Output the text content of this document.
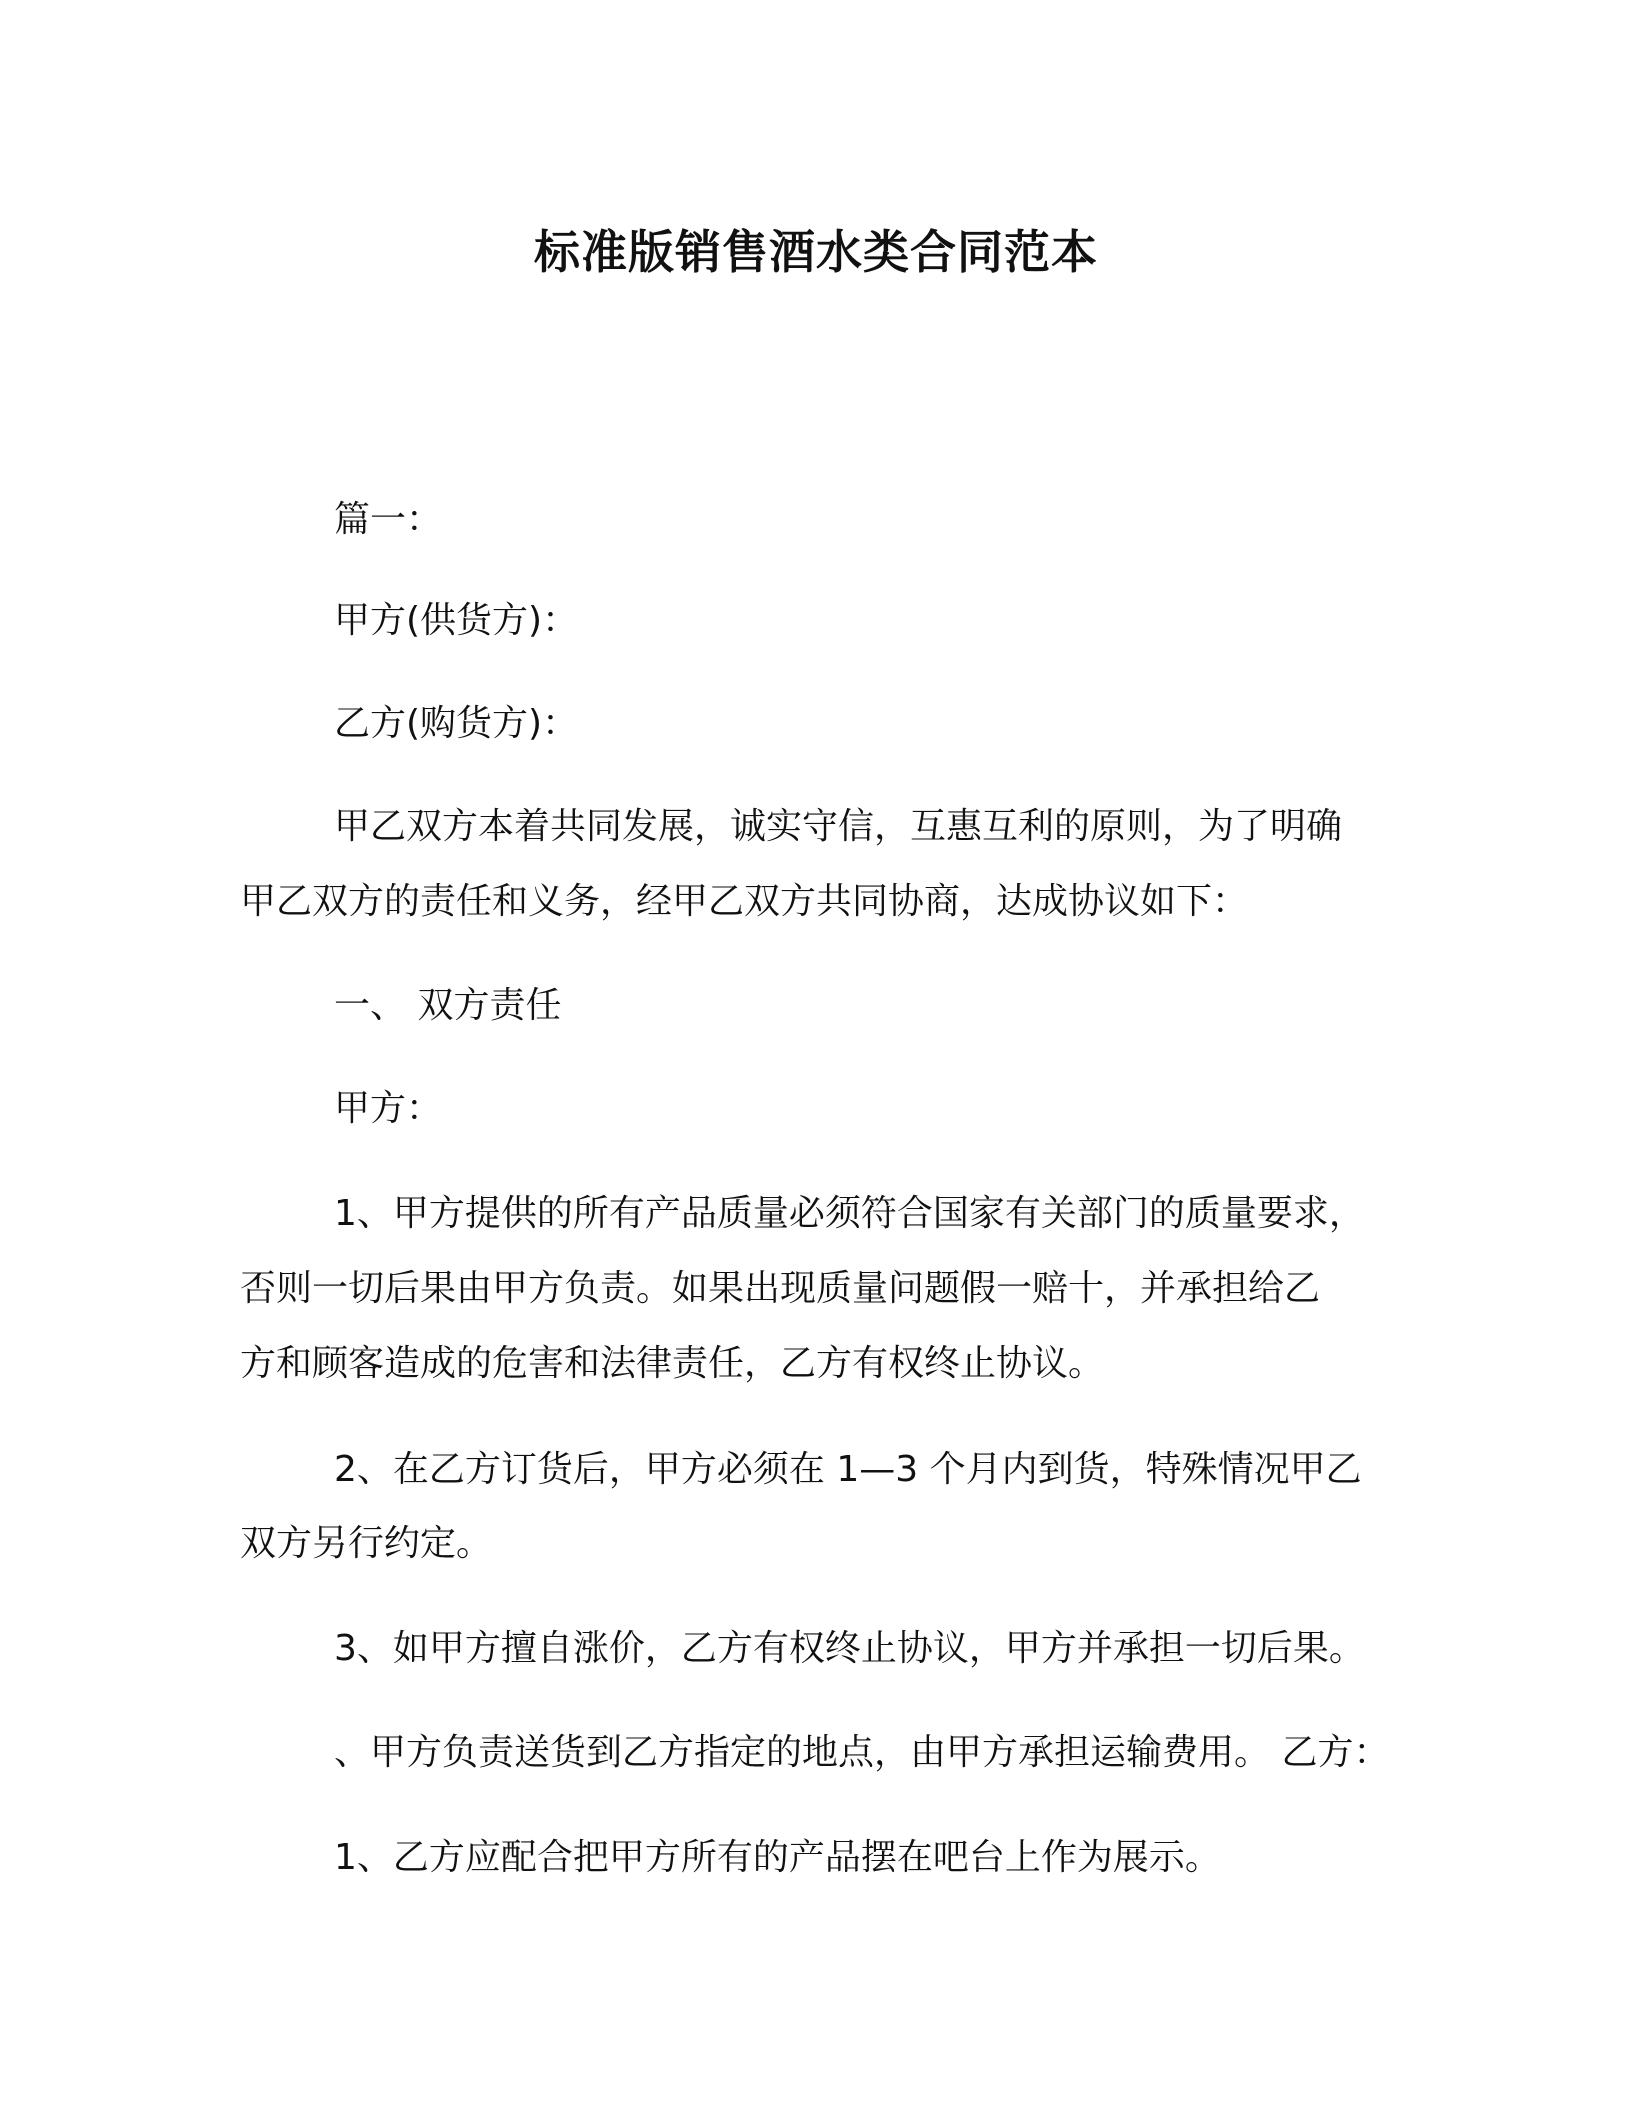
标准版销售酒水类合同范本
篇一：
甲方(供货方)：
乙方(购货方)：
甲乙双方本着共同发展，诚实守信，互惠互利的原则，为了明确
甲乙双方的责任和义务，经甲乙双方共同协商，达成协议如下：
一、 双方责任
甲方：
1、甲方提供的所有产品质量必须符合国家有关部门的质量要求，
否则一切后果由甲方负责。如果出现质量问题假一赔十，并承担给乙
方和顾客造成的危害和法律责任，乙方有权终止协议。
2、在乙方订货后，甲方必须在 1—3 个月内到货，特殊情况甲乙
双方另行约定。
3、如甲方擅自涨价，乙方有权终止协议，甲方并承担一切后果。
、甲方负责送货到乙方指定的地点，由甲方承担运输费用。 乙方：
1、乙方应配合把甲方所有的产品摆在吧台上作为展示。
